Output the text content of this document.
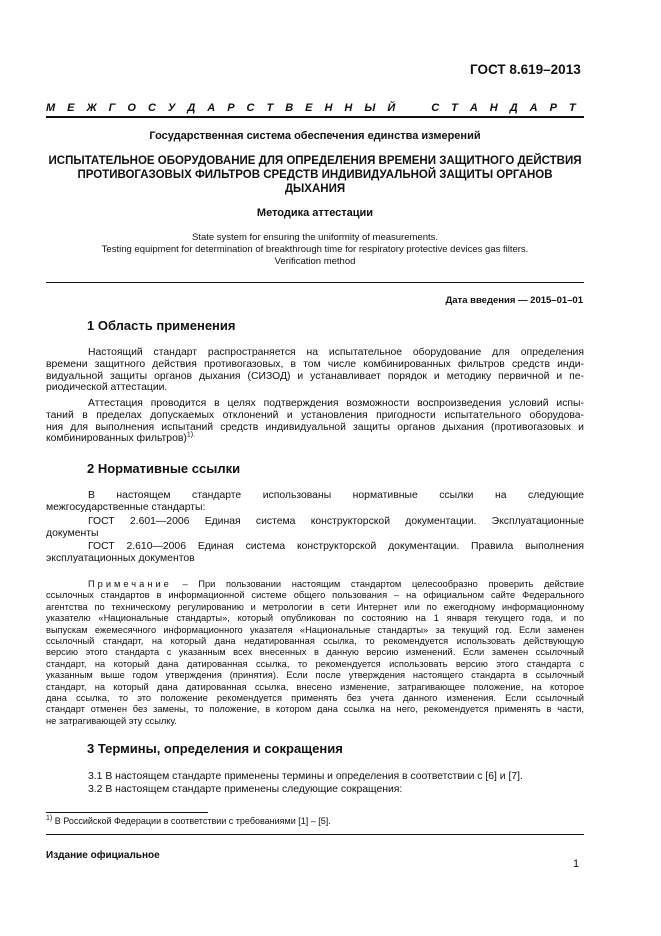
ГОСТ 8.619–2013
М Е Ж Г О С У Д А Р С Т В Е Н Н Ы Й	С Т А Н Д А Р Т
Государственная система обеспечения единства измерений
ИСПЫТАТЕЛЬНОЕ ОБОРУДОВАНИЕ ДЛЯ ОПРЕДЕЛЕНИЯ ВРЕМЕНИ ЗАЩИТНОГО ДЕЙСТВИЯ
ПРОТИВОГАЗОВЫХ ФИЛЬТРОВ СРЕДСТВ ИНДИВИДУАЛЬНОЙ ЗАЩИТЫ ОРГАНОВ
ДЫХАНИЯ
Методика аттестации
State system for ensuring the uniformity of measurements.
Testing equipment for determination of breakthrough time for respiratory protective devices gas filters.
Verification method
Дата введения — 2015–01–01
1 Область применения
Настоящий стандарт распространяется на испытательное оборудование для определения
времени защитного действия противогазовых, в том числе комбинированных фильтров средств инди-
видуальной защиты органов дыхания (СИЗОД) и устанавливает порядок и методику первичной и пе-
риодической аттестации.
Аттестация проводится в целях подтверждения возможности воспроизведения условий испы-
таний в пределах допускаемых отклонений и установления пригодности испытательного оборудова-
ния для выполнения испытаний средств индивидуальной защиты органов дыхания (противогазовых и
комбинированных фильтров)$^{1).}$
2 Нормативные ссылки
В настоящем стандарте использованы нормативные ссылки на следующие
межгосударственные стандарты:
ГОСТ 2.601—2006 Единая система конструкторской документации. Эксплуатационные
документы
ГОСТ 2.610—2006 Единая система конструкторской документации. Правила выполнения
эксплуатационных документов
Примечание – При пользовании настоящим стандартом целесообразно проверить действие
ссылочных стандартов в информационной системе общего пользования – на официальном сайте Федерального
агентства по техническому регулированию и метрологии в сети Интернет или по ежегодному информационному
указателю «Национальные стандарты», который опубликован по состоянию на 1 января текущего года, и по
выпускам ежемесячного информационного указателя «Национальные стандарты» за текущий год. Если заменен
ссылочный стандарт, на который дана недатированная ссылка, то рекомендуется использовать действующую
версию этого стандарта с указанным всех внесенных в данную версию изменений. Если заменен ссылочный
стандарт, на который дана датированная ссылка, то рекомендуется использовать версию этого стандарта с
указанным выше годом утверждения (принятия). Если после утверждения настоящего стандарта в ссылочный
стандарт, на который дана датированная ссылка, внесено изменение, затрагивающее положение, на которое
дана ссылка, то это положение рекомендуется применять без учета данного изменения. Если ссылочный
стандарт отменен без замены, то положение, в котором дана ссылка на него, рекомендуется применять в части,
не затрагивающей эту ссылку.
3 Термины, определения и сокращения
3.1 В настоящем стандарте применены термины и определения в соответствии с [6] и [7].
3.2 В настоящем стандарте применены следующие сокращения:
$^{1)}$ В Российской Федерации в соответствии с требованиями [1] – [5].
Издание официальное
1
